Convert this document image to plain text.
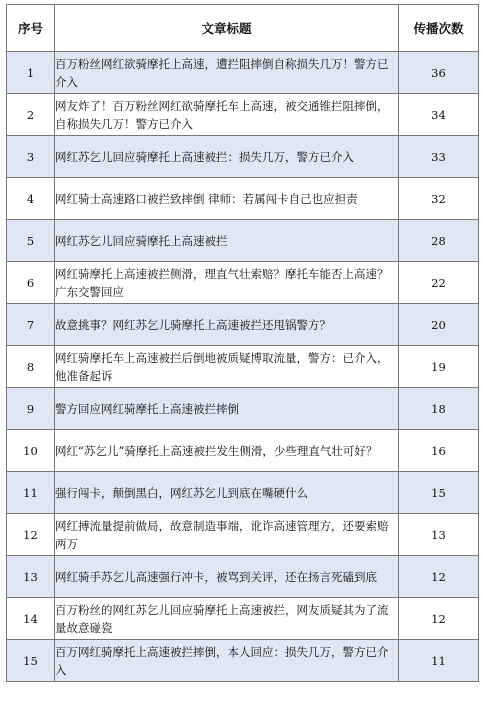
序号	文章标题	传播次数
1	百万粉丝网红欲骑摩托上高速，遭拦阻摔倒自称损失几万！警方已介入	36
2	网友炸了！百万粉丝网红欲骑摩托车上高速，被交通锥拦阻摔倒，自称损失几万！警方已介入	34
3	网红苏乞儿回应骑摩托上高速被拦：损失几万，警方已介入	33
4	网红骑士高速路口被拦致摔倒 律师：若属闯卡自己也应担责	32
5	网红苏乞儿回应骑摩托上高速被拦	28
6	网红骑摩托上高速被拦侧滑，理直气壮索赔？摩托车能否上高速？广东交警回应	22
7	故意挑事？网红苏乞儿骑摩托上高速被拦还甩锅警方？	20
8	网红骑摩托车上高速被拦后倒地被质疑博取流量，警方：已介入，他准备起诉	19
9	警方回应网红骑摩托上高速被拦摔倒	18
10	网红“苏乞儿”骑摩托上高速被拦发生侧滑，少些理直气壮可好？	16
11	强行闯卡，颠倒黑白，网红苏乞儿到底在嘴硬什么	15
12	网红搏流量提前做局，故意制造事端，讹诈高速管理方，还要索赔两万	13
13	网红骑手苏乞儿高速强行冲卡，被骂到关评，还在扬言死磕到底	12
14	百万粉丝的网红苏乞儿回应骑摩托上高速被拦，网友质疑其为了流量故意碰瓷	12
15	百万网红骑摩托上高速被拦摔倒，本人回应：损失几万，警方已介入	11
